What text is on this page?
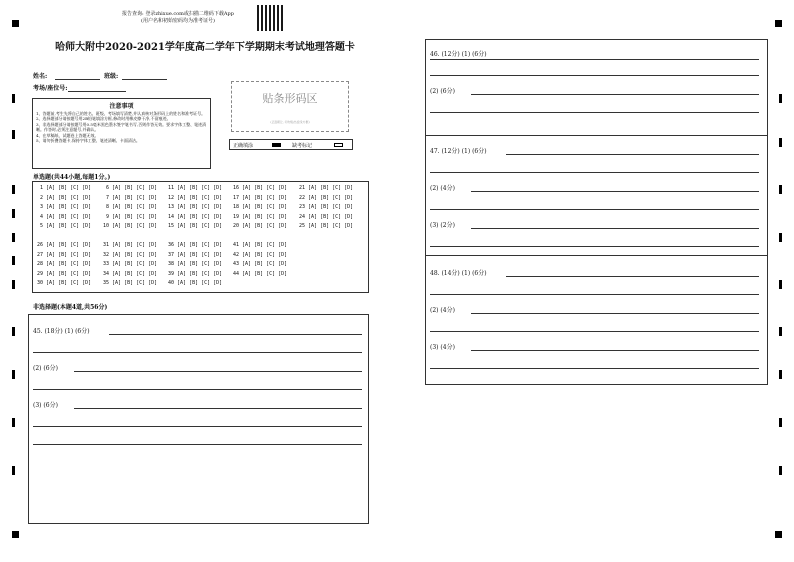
报告查询: 登录zhixue.com或扫描二维码下载App
(用户名和初始密码均为准考证号)
哈师大附中2020-2021学年度高二学年下学期期末考试地理答题卡
姓名:	班级:
考场/座位号:
贴条形码区
(正面朝上,切勿贴出虚线方框)
正确填涂	缺考标记
注意事项
1、答题前,考生先将自己的姓名、班级、考场填写清楚,并认真核对条形码上的姓名和准考证号。
2、选择题部分请按题号用2B铅笔填涂方框,修改时用橡皮擦干净,不留痕迹。
3、非选择题部分请按题号用0.5毫米黑色墨水签字笔书写,否则作答无效。要求字体工整、笔迹清晰。作答时,必须注意题号,并确认。
4、在草稿纸、试题卷上答题无效。
5、请勿折叠答题卡,保持字体工整、笔迹清晰、卡面清洁。
单选题(共44小题,每题1分。)
1 [A] [B] [C] [D] 6 [A] [B] [C] [D] 11 [A] [B] [C] [D] 16 [A] [B] [C] [D] 21 [A] [B] [C] [D]
2 [A] [B] [C] [D] 7 [A] [B] [C] [D] 12 [A] [B] [C] [D] 17 [A] [B] [C] [D] 22 [A] [B] [C] [D]
3 [A] [B] [C] [D] 8 [A] [B] [C] [D] 13 [A] [B] [C] [D] 18 [A] [B] [C] [D] 23 [A] [B] [C] [D]
4 [A] [B] [C] [D] 9 [A] [B] [C] [D] 14 [A] [B] [C] [D] 19 [A] [B] [C] [D] 24 [A] [B] [C] [D]
5 [A] [B] [C] [D] 10 [A] [B] [C] [D] 15 [A] [B] [C] [D] 20 [A] [B] [C] [D] 25 [A] [B] [C] [D]
26 [A] [B] [C] [D] 31 [A] [B] [C] [D] 36 [A] [B] [C] [D] 41 [A] [B] [C] [D]
27 [A] [B] [C] [D] 32 [A] [B] [C] [D] 37 [A] [B] [C] [D] 42 [A] [B] [C] [D]
28 [A] [B] [C] [D] 33 [A] [B] [C] [D] 38 [A] [B] [C] [D] 43 [A] [B] [C] [D]
29 [A] [B] [C] [D] 34 [A] [B] [C] [D] 39 [A] [B] [C] [D] 44 [A] [B] [C] [D]
30 [A] [B] [C] [D] 35 [A] [B] [C] [D] 40 [A] [B] [C] [D]
非选择题(本题4道,共56分)
45. (18分) (1) (6分)
(2) (6分)
(3) (6分)
46. (12分) (1) (6分)
(2) (6分)
47. (12分) (1) (6分)
(2) (4分)
(3) (2分)
48. (14分) (1) (6分)
(2) (4分)
(3) (4分)
